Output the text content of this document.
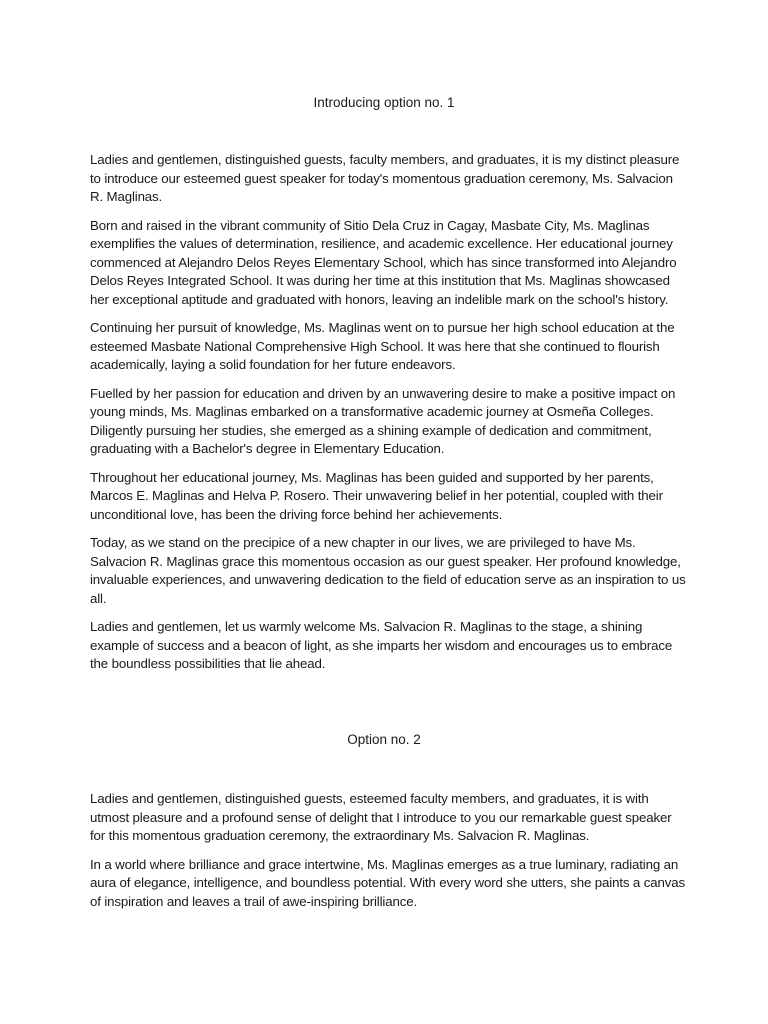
Introducing option no. 1

Ladies and gentlemen, distinguished guests, faculty members, and graduates, it is my distinct pleasure to introduce our esteemed guest speaker for today's momentous graduation ceremony, Ms. Salvacion R. Maglinas.

Born and raised in the vibrant community of Sitio Dela Cruz in Cagay, Masbate City, Ms. Maglinas exemplifies the values of determination, resilience, and academic excellence. Her educational journey commenced at Alejandro Delos Reyes Elementary School, which has since transformed into Alejandro Delos Reyes Integrated School. It was during her time at this institution that Ms. Maglinas showcased her exceptional aptitude and graduated with honors, leaving an indelible mark on the school's history.

Continuing her pursuit of knowledge, Ms. Maglinas went on to pursue her high school education at the esteemed Masbate National Comprehensive High School. It was here that she continued to flourish academically, laying a solid foundation for her future endeavors.

Fuelled by her passion for education and driven by an unwavering desire to make a positive impact on young minds, Ms. Maglinas embarked on a transformative academic journey at Osmeña Colleges. Diligently pursuing her studies, she emerged as a shining example of dedication and commitment, graduating with a Bachelor's degree in Elementary Education.

Throughout her educational journey, Ms. Maglinas has been guided and supported by her parents, Marcos E. Maglinas and Helva P. Rosero. Their unwavering belief in her potential, coupled with their unconditional love, has been the driving force behind her achievements.

Today, as we stand on the precipice of a new chapter in our lives, we are privileged to have Ms. Salvacion R. Maglinas grace this momentous occasion as our guest speaker. Her profound knowledge, invaluable experiences, and unwavering dedication to the field of education serve as an inspiration to us all.

Ladies and gentlemen, let us warmly welcome Ms. Salvacion R. Maglinas to the stage, a shining example of success and a beacon of light, as she imparts her wisdom and encourages us to embrace the boundless possibilities that lie ahead.

Option no. 2

Ladies and gentlemen, distinguished guests, esteemed faculty members, and graduates, it is with utmost pleasure and a profound sense of delight that I introduce to you our remarkable guest speaker for this momentous graduation ceremony, the extraordinary Ms. Salvacion R. Maglinas.

In a world where brilliance and grace intertwine, Ms. Maglinas emerges as a true luminary, radiating an aura of elegance, intelligence, and boundless potential. With every word she utters, she paints a canvas of inspiration and leaves a trail of awe-inspiring brilliance.
